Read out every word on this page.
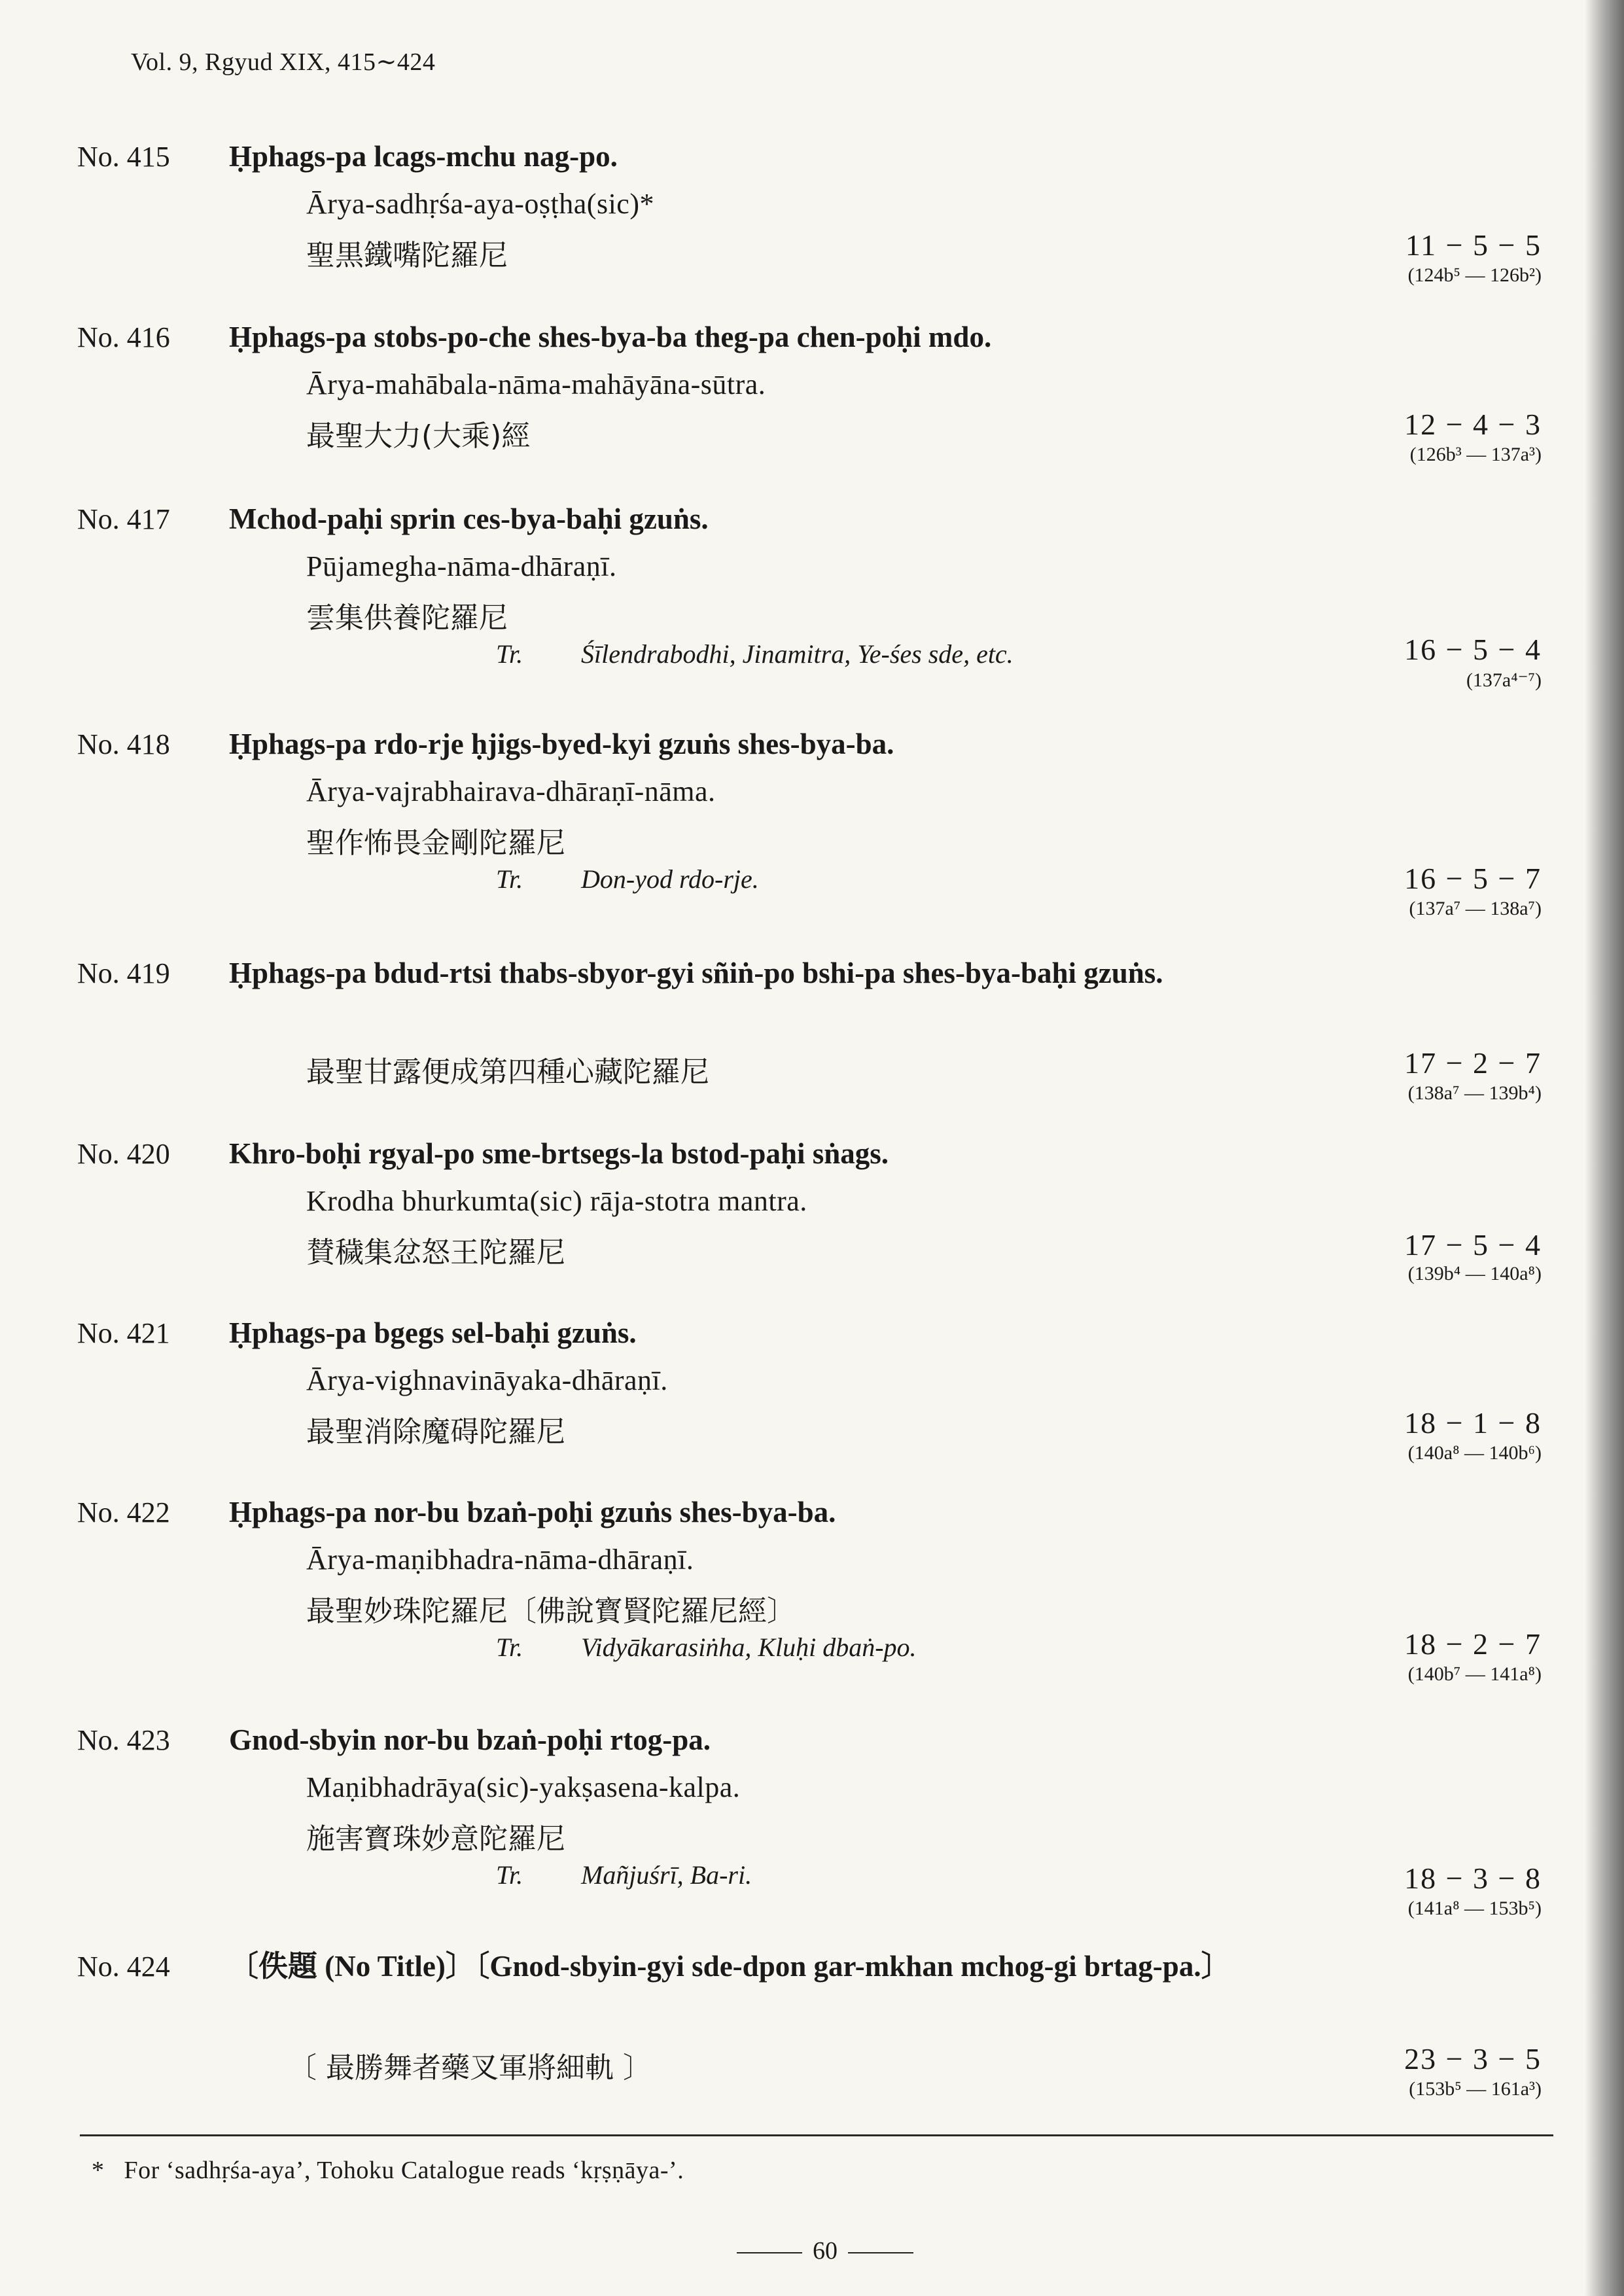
Vol. 9, Rgyud XIX, 415∼424
No. 415 Ḥphags-pa lcags-mchu nag-po.
Ārya-sadhṛśa-aya-oṣṭha(sic)*
聖黒鐵嘴陀羅尼	11 − 5 − 5
(124b⁵ — 126b²)
No. 416 Ḥphags-pa stobs-po-che shes-bya-ba theg-pa chen-poḥi mdo.
Ārya-mahābala-nāma-mahāyāna-sūtra.
最聖大力(大乘)經	12 − 4 − 3
(126b³ — 137a³)
No. 417 Mchod-paḥi sprin ces-bya-baḥi gzuṅs.
Pūjamegha-nāma-dhāraṇī.
雲集供養陀羅尼
Tr. Śīlendrabodhi, Jinamitra, Ye-śes sde, etc.	16 − 5 − 4
(137a⁴⁻⁷)
No. 418 Ḥphags-pa rdo-rje ḥjigs-byed-kyi gzuṅs shes-bya-ba.
Ārya-vajrabhairava-dhāraṇī-nāma.
聖作怖畏金剛陀羅尼
Tr. Don-yod rdo-rje.	16 − 5 − 7
(137a⁷ — 138a⁷)
No. 419 Ḥphags-pa bdud-rtsi thabs-sbyor-gyi sñiṅ-po bshi-pa shes-bya-baḥi gzuṅs.
最聖甘露便成第四種心藏陀羅尼	17 − 2 − 7
(138a⁷ — 139b⁴)
No. 420 Khro-boḥi rgyal-po sme-brtsegs-la bstod-paḥi sṅags.
Krodha bhurkumta(sic) rāja-stotra mantra.
賛穢集忿怒王陀羅尼	17 − 5 − 4
(139b⁴ — 140a⁸)
No. 421 Ḥphags-pa bgegs sel-baḥi gzuṅs.
Ārya-vighnavināyaka-dhāraṇī.
最聖消除魔碍陀羅尼	18 − 1 − 8
(140a⁸ — 140b⁶)
No. 422 Ḥphags-pa nor-bu bzaṅ-poḥi gzuṅs shes-bya-ba.
Ārya-maṇibhadra-nāma-dhāraṇī.
最聖妙珠陀羅尼〔佛說寳賢陀羅尼經〕
Tr. Vidyākarasiṅha, Kluḥi dbaṅ-po.	18 − 2 − 7
(140b⁷ — 141a⁸)
No. 423 Gnod-sbyin nor-bu bzaṅ-poḥi rtog-pa.
Maṇibhadrāya(sic)-yakṣasena-kalpa.
施害寳珠妙意陀羅尼
Tr. Mañjuśrī, Ba-ri.	18 − 3 − 8
(141a⁸ — 153b⁵)
No. 424 〔佚題 (No Title)〕〔Gnod-sbyin-gyi sde-dpon gar-mkhan mchog-gi brtag-pa.〕
〔 最勝舞者藥叉軍將細軌 〕	23 − 3 − 5
(153b⁵ — 161a³)
* For ‘sadhṛśa-aya’, Tohoku Catalogue reads ‘kṛṣṇāya-’.
60
